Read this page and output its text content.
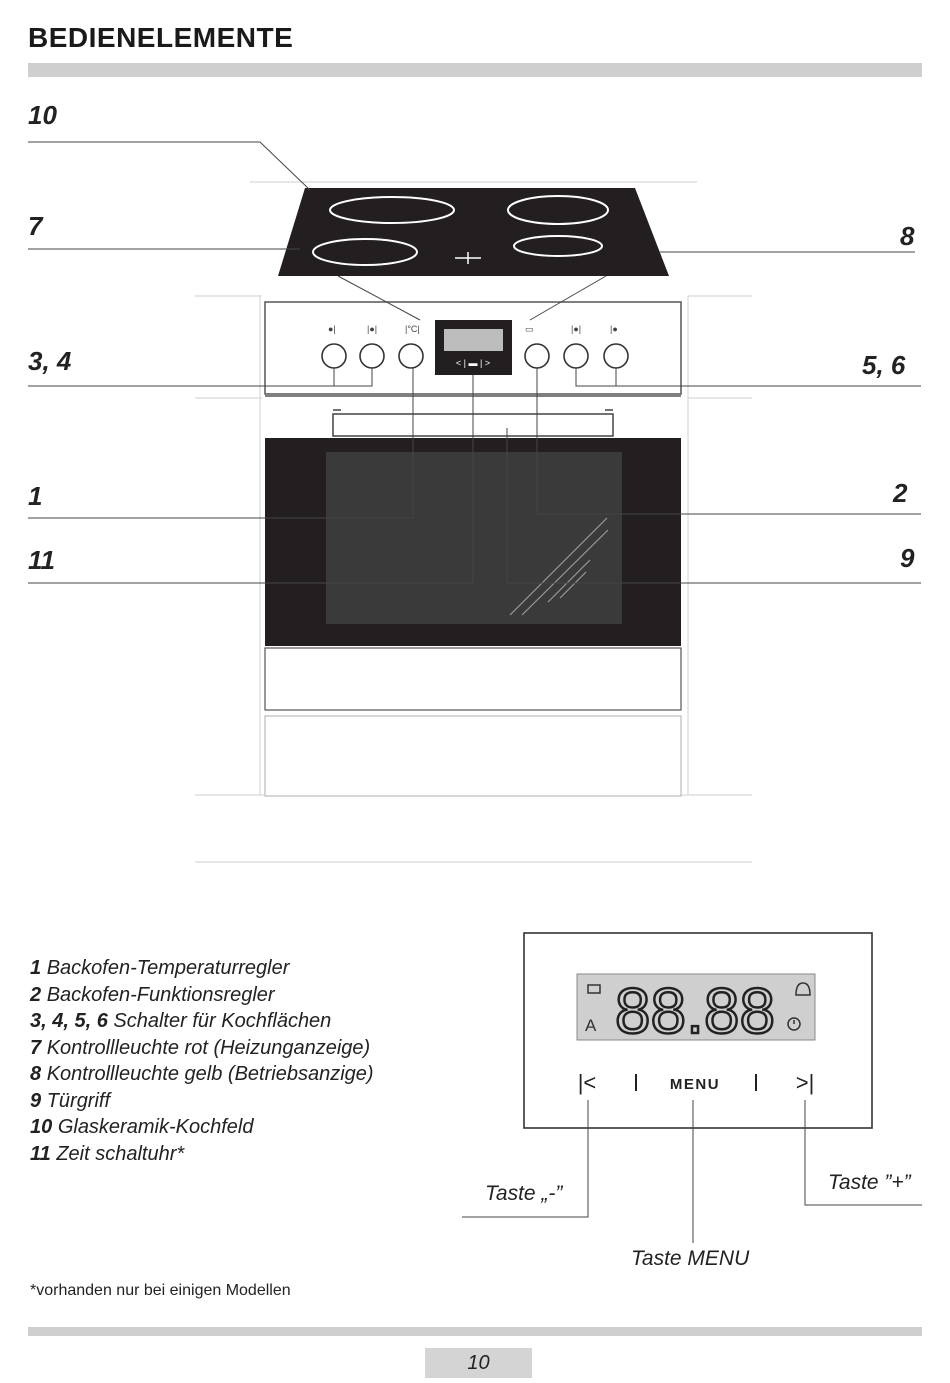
BEDIENELEMENTE
●|	|●|	|°C|	▭	|●|	|●
< | ▬ | >
10
7
3, 4
1
11
8
5, 6
2
9
1 Backofen-Temperaturregler
2 Backofen-Funktionsregler
3, 4, 5, 6 Schalter für Kochflächen
7 Kontrollleuchte rot (Heizunganzeige)
8 Kontrollleuchte gelb (Betriebsanzige)
9 Türgriff
10 Glaskeramik-Kochfeld
11 Zeit schaltuhr*
88.88
A
|<	MENU	>|
Taste „-”
Taste MENU
Taste ”+”
*vorhanden nur bei einigen Modellen
10
